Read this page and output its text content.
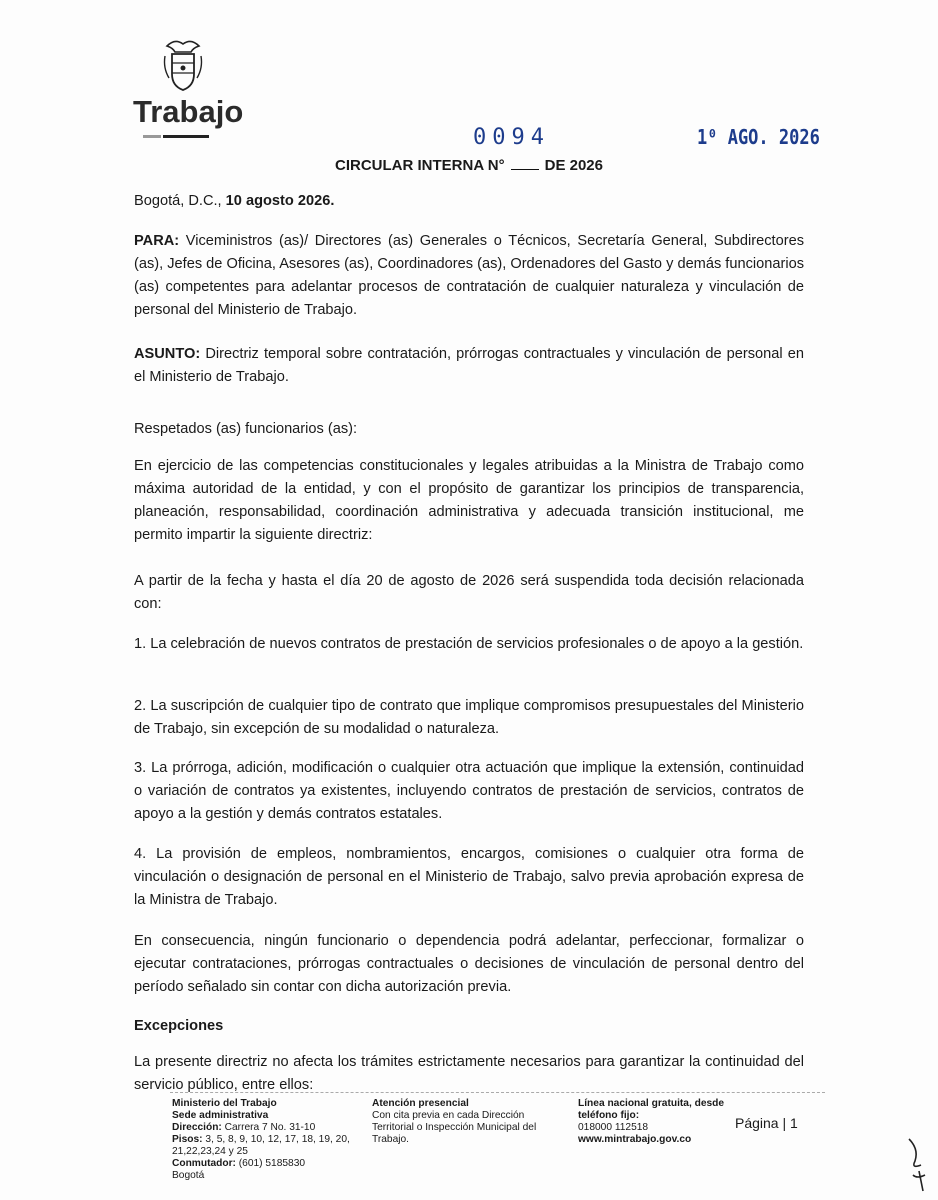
Trabajo
0094	1⁰ AGO. 2026
CIRCULAR INTERNA N°	DE 2026
Bogotá, D.C., 10 agosto 2026.
PARA: Viceministros (as)/ Directores (as) Generales o Técnicos, Secretaría General, Subdirectores (as), Jefes de Oficina, Asesores (as), Coordinadores (as), Ordenadores del Gasto y demás funcionarios (as) competentes para adelantar procesos de contratación de cualquier naturaleza y vinculación de personal del Ministerio de Trabajo.
ASUNTO: Directriz temporal sobre contratación, prórrogas contractuales y vinculación de personal en el Ministerio de Trabajo.

Respetados (as) funcionarios (as):

En ejercicio de las competencias constitucionales y legales atribuidas a la Ministra de Trabajo como máxima autoridad de la entidad, y con el propósito de garantizar los principios de transparencia, planeación, responsabilidad, coordinación administrativa y adecuada transición institucional, me permito impartir la siguiente directriz:

A partir de la fecha y hasta el día 20 de agosto de 2026 será suspendida toda decisión relacionada con:

1. La celebración de nuevos contratos de prestación de servicios profesionales o de apoyo a la gestión.

2. La suscripción de cualquier tipo de contrato que implique compromisos presupuestales del Ministerio de Trabajo, sin excepción de su modalidad o naturaleza.

3. La prórroga, adición, modificación o cualquier otra actuación que implique la extensión, continuidad o variación de contratos ya existentes, incluyendo contratos de prestación de servicios, contratos de apoyo a la gestión y demás contratos estatales.

4. La provisión de empleos, nombramientos, encargos, comisiones o cualquier otra forma de vinculación o designación de personal en el Ministerio de Trabajo, salvo previa aprobación expresa de la Ministra de Trabajo.

En consecuencia, ningún funcionario o dependencia podrá adelantar, perfeccionar, formalizar o ejecutar contrataciones, prórrogas contractuales o decisiones de vinculación de personal dentro del período señalado sin contar con dicha autorización previa.

Excepciones

La presente directriz no afecta los trámites estrictamente necesarios para garantizar la continuidad del servicio público, entre ellos:

Ministerio del Trabajo
Sede administrativa
Dirección: Carrera 7 No. 31-10
Pisos: 3, 5, 8, 9, 10, 12, 17, 18, 19, 20, 21,22,23,24 y 25
Conmutador: (601) 5185830
Bogotá
Atención presencial
Con cita previa en cada Dirección Territorial o Inspección Municipal del Trabajo.
Línea nacional gratuita, desde teléfono fijo:
018000 112518
www.mintrabajo.gov.co
Página | 1
